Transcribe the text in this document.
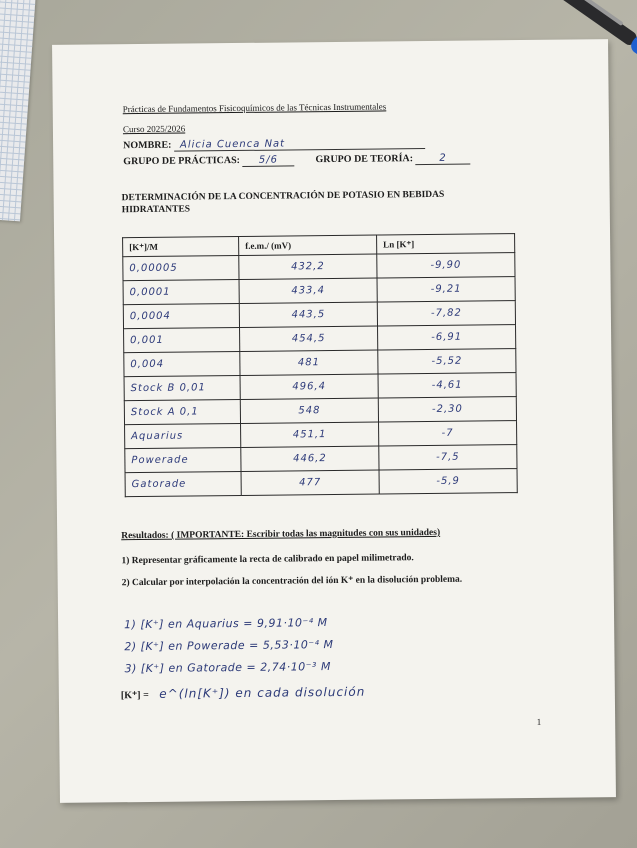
Prácticas de Fundamentos Fisicoquímicos de las Técnicas Instrumentales
Curso 2025/2026
NOMBRE: Alicia Cuenca Nat
GRUPO DE PRÁCTICAS: 5/6	GRUPO DE TEORÍA:	2
DETERMINACIÓN DE LA CONCENTRACIÓN DE POTASIO EN BEBIDAS HIDRATANTES
[K⁺]/M	f.e.m./ (mV)	Ln [K⁺]
0,00005	432,2	-9,90
0,0001	433,4	-9,21
0,0004	443,5	-7,82
0,001	454,5	-6,91
0,004	481	-5,52
Stock B 0,01	496,4	-4,61
Stock A 0,1	548	-2,30
Aquarius	451,1	-7
Powerade	446,2	-7,5
Gatorade	477	-5,9
Resultados: ( IMPORTANTE: Escribir todas las magnitudes con sus unidades)
1) Representar gráficamente la recta de calibrado en papel milimetrado.
2) Calcular por interpolación la concentración del ión K⁺ en la disolución problema.
1) [K⁺] en Aquarius = 9,91·10⁻⁴ M
2) [K⁺] en Powerade = 5,53·10⁻⁴ M
3) [K⁺] en Gatorade = 2,74·10⁻³ M
[K⁺] = e^(ln[K⁺]) en cada disolución
1
